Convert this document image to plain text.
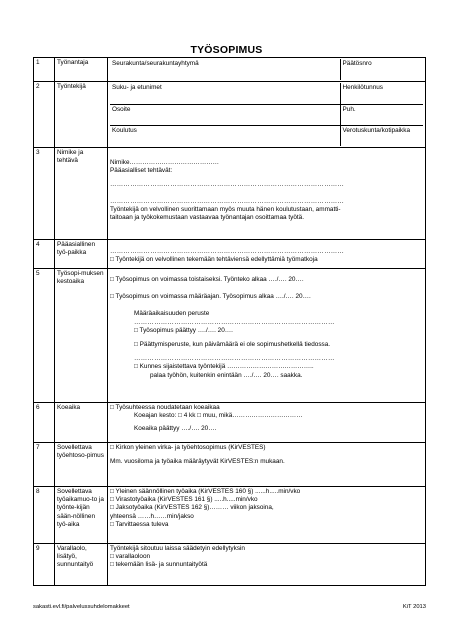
TYÖSOPIMUS
1	Työnantaja		Seurakunta/seurakuntayhtymä	Päätösnro

2	Työntekijä		Suku- ja etunimet	Henkilötunnus
Osoite	Puh.
Koulutus	Verotuskunta/kotipaikka

3	Nimike ja tehtävä	Nimike……………………………………
Pääasialliset tehtävät:
……………………………………………………………………………………………
……………………………………………………………………………………………
Työntekijä on velvollinen suorittamaan myös muuta hänen koulutustaan, ammatti-
taitoaan ja työkokemustaan vastaavaa työnantajan osoittamaa työtä.

4	Pääasiallinen työ-paikka	……………………………………………………………………………………………
□ Työntekijä on velvollinen tekemään tehtäviensä edellyttämiä työmatkoja

5	Työsopi-muksen kestoaika	□ Työsopimus on voimassa toistaiseksi. Työnteko alkaa …./…. 20….
□ Työsopimus on voimassa määräajan. Työsopimus alkaa …./…. 20….
Määräaikaisuuden peruste
………………………………………………………………………………
□ Työsopimus päättyy …./…. 20….
□ Päättymisperuste, kun päivämäärä ei ole sopimushetkellä tiedossa.
………………………………………………………………………………
□ Kunnes sijaistettava työntekijä …………………………………..
palaa työhön, kuitenkin enintään …./…. 20…. saakka.

6	Koeaika	□ Työsuhteessa noudatetaan koeaikaa
Koeajan kesto: □ 4 kk □ muu, mikä……………………………
Koeaika päättyy …./…. 20….

7	Sovellettava työehtoso-pimus	
□ Kirkon yleinen virka- ja työehtosopimus (KirVESTES)
Mm. vuosiloma ja työaika määräytyvät KirVESTES:n mukaan.

8	Sovellettava työaikamuo-to ja työnte-kijän sään-nöllinen työ-aika	
□ Yleinen säännöllinen työaika (KirVESTES 160 §) ......h.....min/vko
□ Virastotyöaika (KirVESTES 161 §) .....h.....min/vko
□ Jaksotyöaika (KirVESTES 162 §)……… viikon jaksoina,
yhteensä ……h……min/jakso
□ Tarvittaessa tuleva

9	Varallaolo, lisätyö, sunnuntaityö	
Työntekijä sitoutuu laissa säädetyin edellytyksin
□ varallaoloon
□ tekemään lisä- ja sunnuntaityötä
sakasti.evl.fi/palvelussuhdelomakkeet	KiT 2013
